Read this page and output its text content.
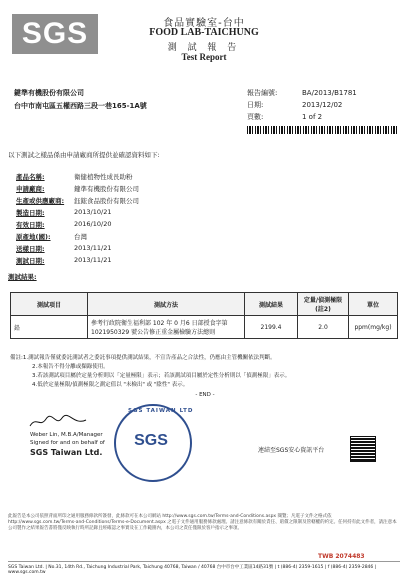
SGS	食品實驗室-台中
FOOD LAB-TAICHUNG
測 試 報 告
Test Report
鍵準有機股份有限公司
台中市南屯區五權西路三段一巷165-1A號
報告編號:	BA/2013/B1781
日期:	2013/12/02
頁數:	1 of 2
以下測試之樣品係由申請廠商所提供並確認資料如下:
產品名稱:	衛健植物性成長助粉
申請廠商:	鍵準有機股份有限公司
生產或供應廠商:	鈺鋐食品股份有限公司
製造日期:	2013/10/21
有效日期:	2016/10/20
原產地(國):	台灣
送樣日期:	2013/11/21
測試日期:	2013/11/21
測試結果:
測試項目	測試方法	測試結果	定量/偵測極限(註2)	單位
鉛	參考行政院衛生福利部 102 年 0 月6 日部授食字第
1021950329 號公告修正重金屬檢驗方法總則	2199.4	2.0	ppm(mg/kg)
備註:1.測試報告僅就委託測試者之委託事項提供測試結果，不宣告產品之合法性，仍應由主管機關依法判斷。
2.本報告不得分離或擷錄使用。
3.若該測試項目屬於定量分析則以「定量極限」表示；若該測試項目屬於定性分析則以「偵測極限」表示。
4.低於定量極限/偵測極限之測定值以 "未檢出" 或 "陰性" 表示。
- END -
Weber Lin, M.B.A/Manager
Signed for and on behalf of
SGS Taiwan Ltd.
SGS TAIWAN LTD
SGS
連結至SGS安心資訊平台
此報告是本公司依照背面所印之通用服務條款所簽發，此條款可在本公司網站 http://www.sgs.com.tw/Terms-and-Conditions.aspx 閱覽；凡電子文件之格式依 http://www.sgs.com.tw/Terms-and-Conditions/Terms-e-Document.aspx 之電子文件通用服務條款處理。請注意條款有關於責任、賠償之限制及管轄權的約定。任何持有此文件者，請注意本公司製作之結果報告書將僅反映執行時所記錄且經確認之事實及在工作範圍內，本公司之責任僅限於客戶指示之事項。
TWB 2074483
SGS Taiwan Ltd. | No.31, 14th Rd., Taichung Industrial Park, Taichung 40768, Taiwan / 40768 台中市台中工業區14路31號 | t (886-4) 2359-1615 | f (886-4) 2359-2846 | www.sgs.com.tw
